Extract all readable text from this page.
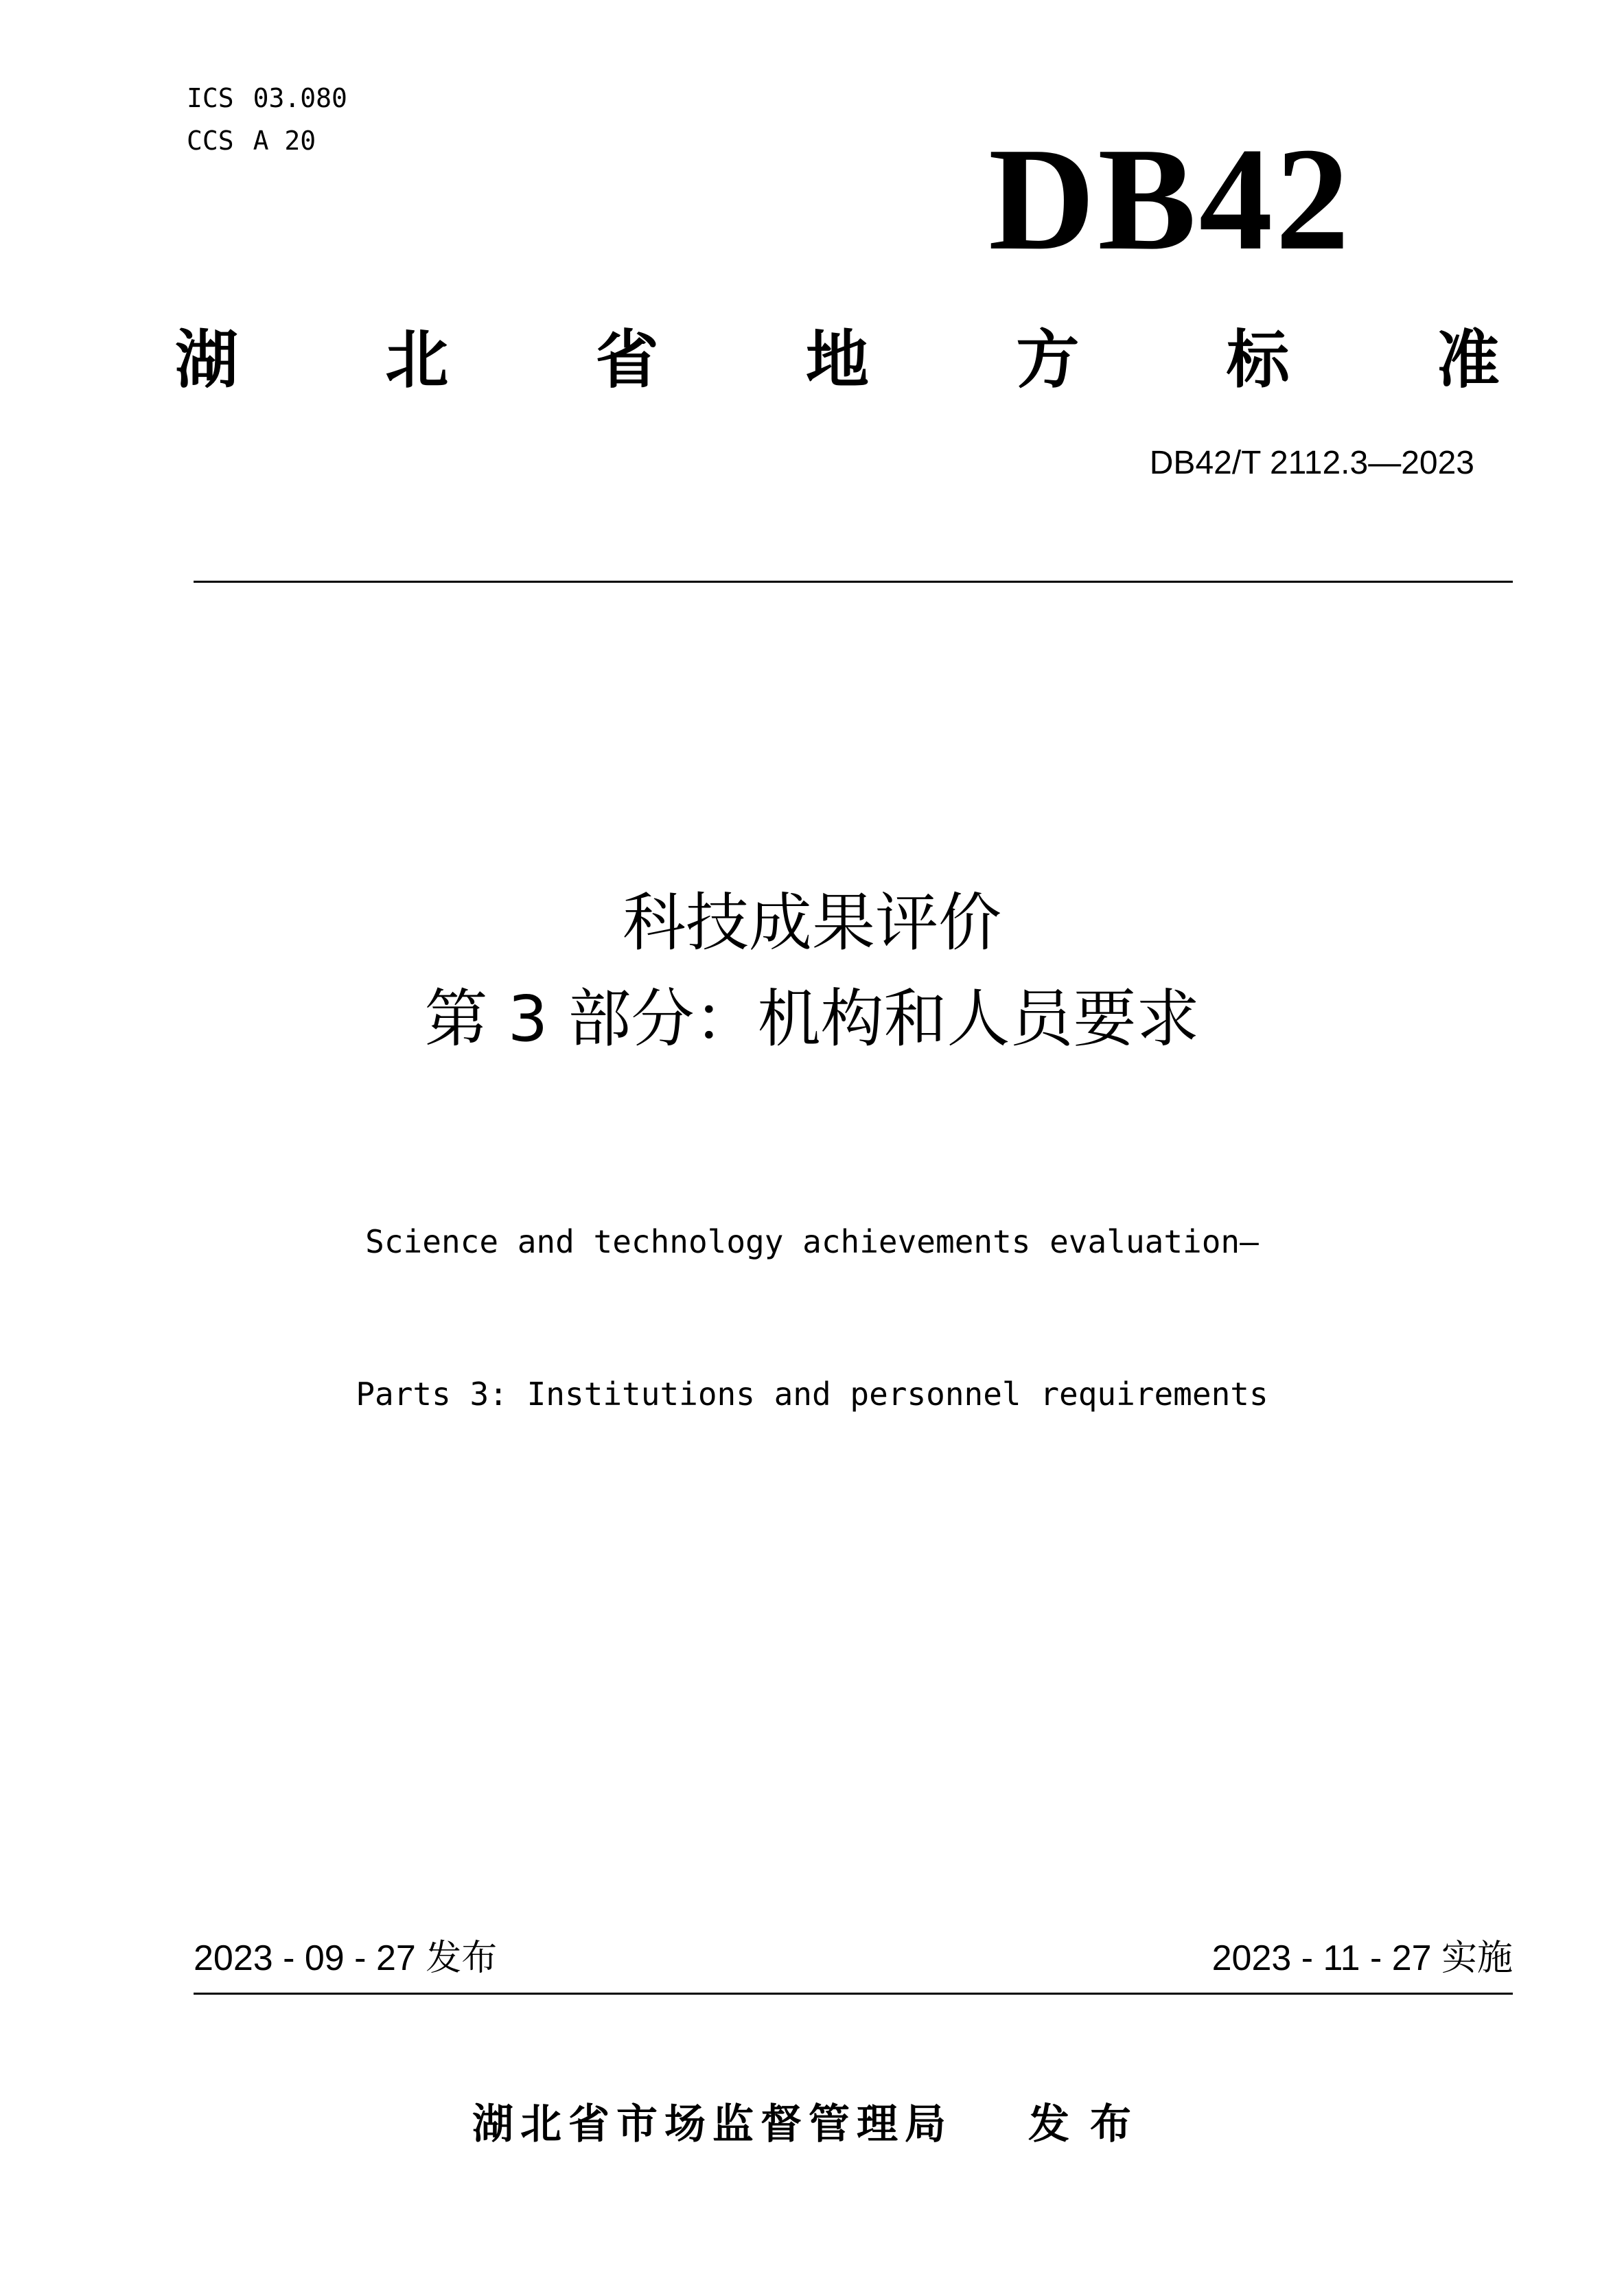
ICS 03.080
CCS A 20	DB42
湖 北 省 地 方 标 准
DB42/T 2112.3—2023
科技成果评价
第 3 部分：机构和人员要求

Science and technology achievements evaluation—

Parts 3: Institutions and personnel requirements

2023 - 09 - 27 发布	2023 - 11 - 27 实施
湖北省市场监督管理局 发布
